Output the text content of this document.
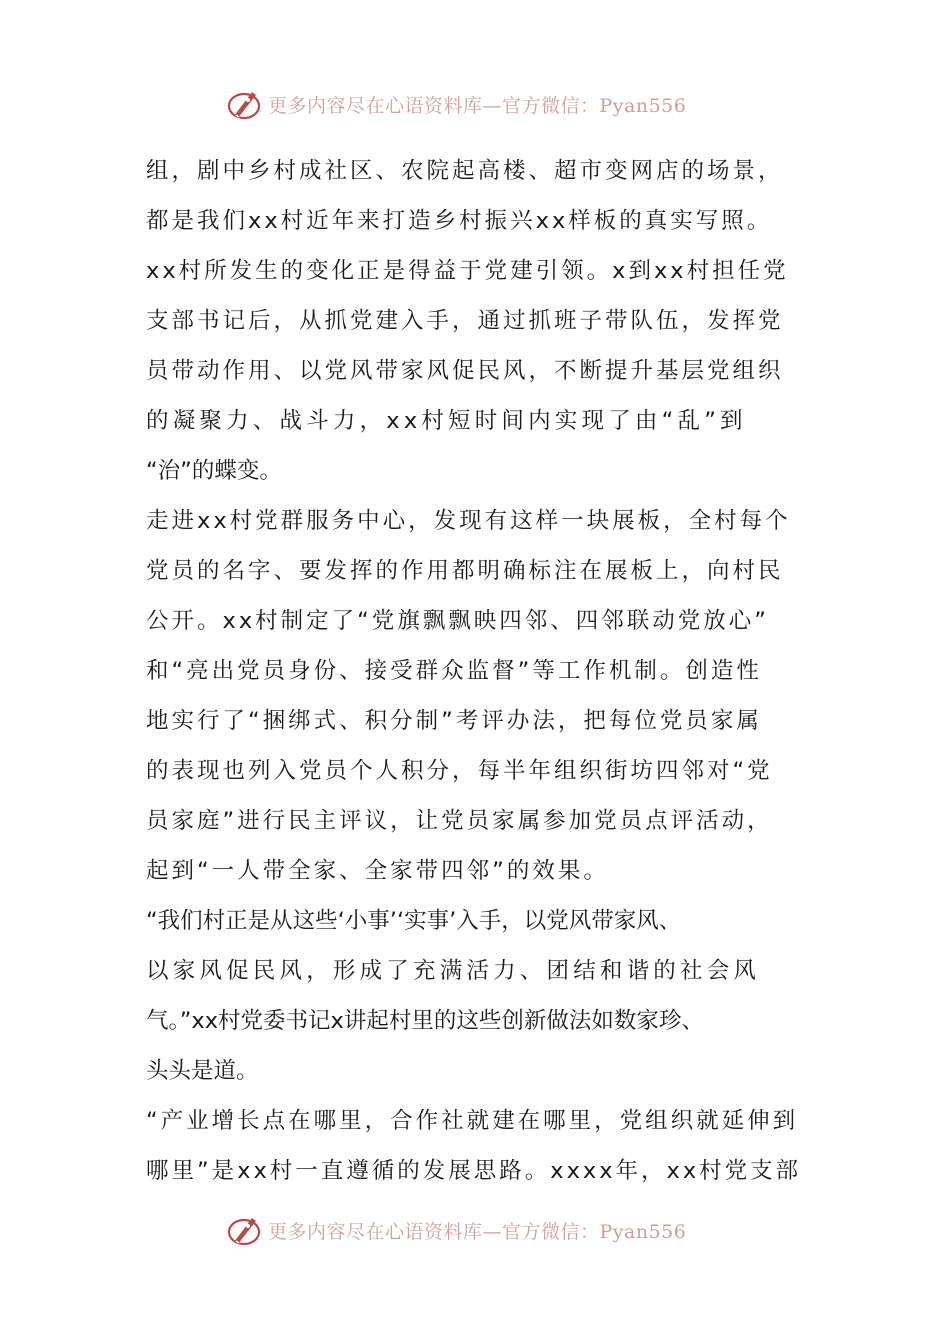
更多内容尽在心语资料库—官方微信：Pyan556
组，剧中乡村成社区、农院起高楼、超市变网店的场景，
都是我们xx村近年来打造乡村振兴xx样板的真实写照。
xx村所发生的变化正是得益于党建引领。x到xx村担任党
支部书记后，从抓党建入手，通过抓班子带队伍，发挥党
员带动作用、以党风带家风促民风，不断提升基层党组织
的凝聚力、战斗力，xx村短时间内实现了由“乱”到
“治”的蝶变。
走进xx村党群服务中心，发现有这样一块展板，全村每个
党员的名字、要发挥的作用都明确标注在展板上，向村民
公开。xx村制定了“党旗飘飘映四邻、四邻联动党放心”
和“亮出党员身份、接受群众监督”等工作机制。创造性
地实行了“捆绑式、积分制”考评办法，把每位党员家属
的表现也列入党员个人积分，每半年组织街坊四邻对“党
员家庭”进行民主评议，让党员家属参加党员点评活动，
起到“一人带全家、全家带四邻”的效果。
“我们村正是从这些‘小事’‘实事’入手，以党风带家风、
以家风促民风，形成了充满活力、团结和谐的社会风
气。”xx村党委书记x讲起村里的这些创新做法如数家珍、
头头是道。
“产业增长点在哪里，合作社就建在哪里，党组织就延伸到
哪里”是xx村一直遵循的发展思路。xxxx年，xx村党支部
更多内容尽在心语资料库—官方微信：Pyan556
